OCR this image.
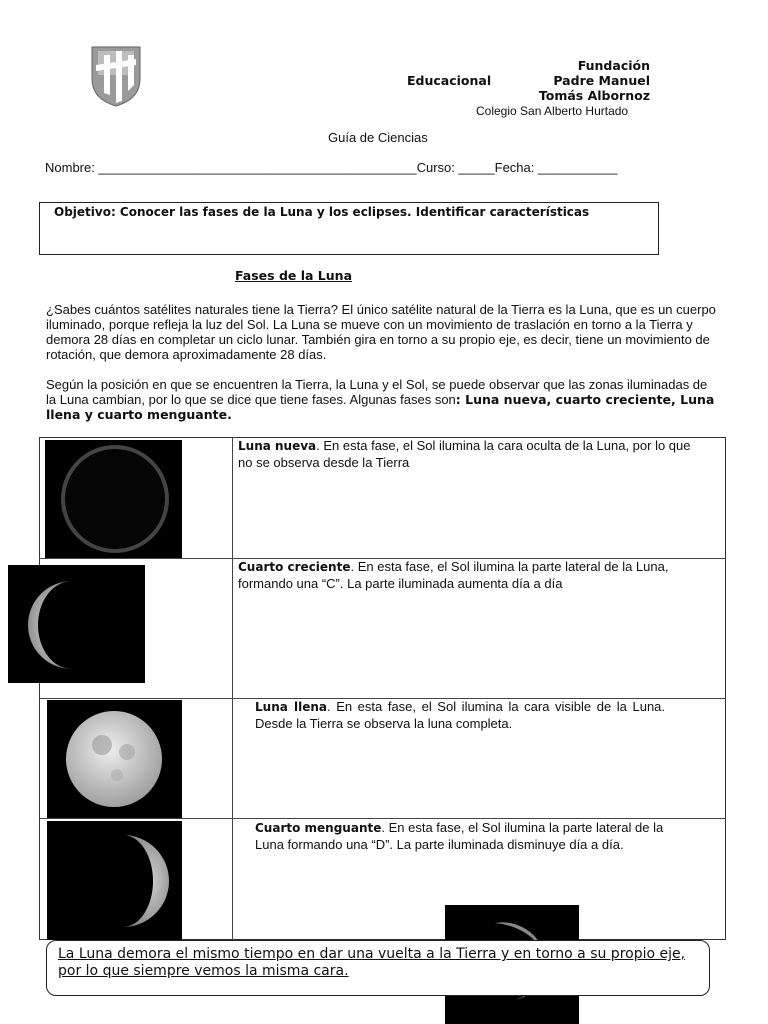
Fundación
Padre Manuel
Tomás Albornoz
Educacional
Colegio San Alberto Hurtado
Guía de Ciencias
Nombre: ____________________________________________Curso: _____Fecha: ___________
Objetivo: Conocer las fases de la Luna y los eclipses. Identificar características
Fases de la Luna
¿Sabes cuántos satélites naturales tiene la Tierra? El único satélite natural de la Tierra es la Luna, que es un cuerpo iluminado, porque refleja la luz del Sol. La Luna se mueve con un movimiento de traslación en torno a la Tierra y demora 28 días en completar un ciclo lunar. También gira en torno a su propio eje, es decir, tiene un movimiento de rotación, que demora aproximadamente 28 días.
Según la posición en que se encuentren la Tierra, la Luna y el Sol, se puede observar que las zonas iluminadas de la Luna cambian, por lo que se dice que tiene fases. Algunas fases son: Luna nueva, cuarto creciente, Luna llena y cuarto menguante.
Luna nueva. En esta fase, el Sol ilumina la cara oculta de la Luna, por lo que no se observa desde la Tierra
Cuarto creciente. En esta fase, el Sol ilumina la parte lateral de la Luna, formando una “C”. La parte iluminada aumenta día a día
Luna llena. En esta fase, el Sol ilumina la cara visible de la Luna. Desde la Tierra se observa la luna completa.
Cuarto menguante. En esta fase, el Sol ilumina la parte lateral de la Luna formando una “D”. La parte iluminada disminuye día a día.
La Luna demora el mismo tiempo en dar una vuelta a la Tierra y en torno a su propio eje, por lo que siempre vemos la misma cara.
